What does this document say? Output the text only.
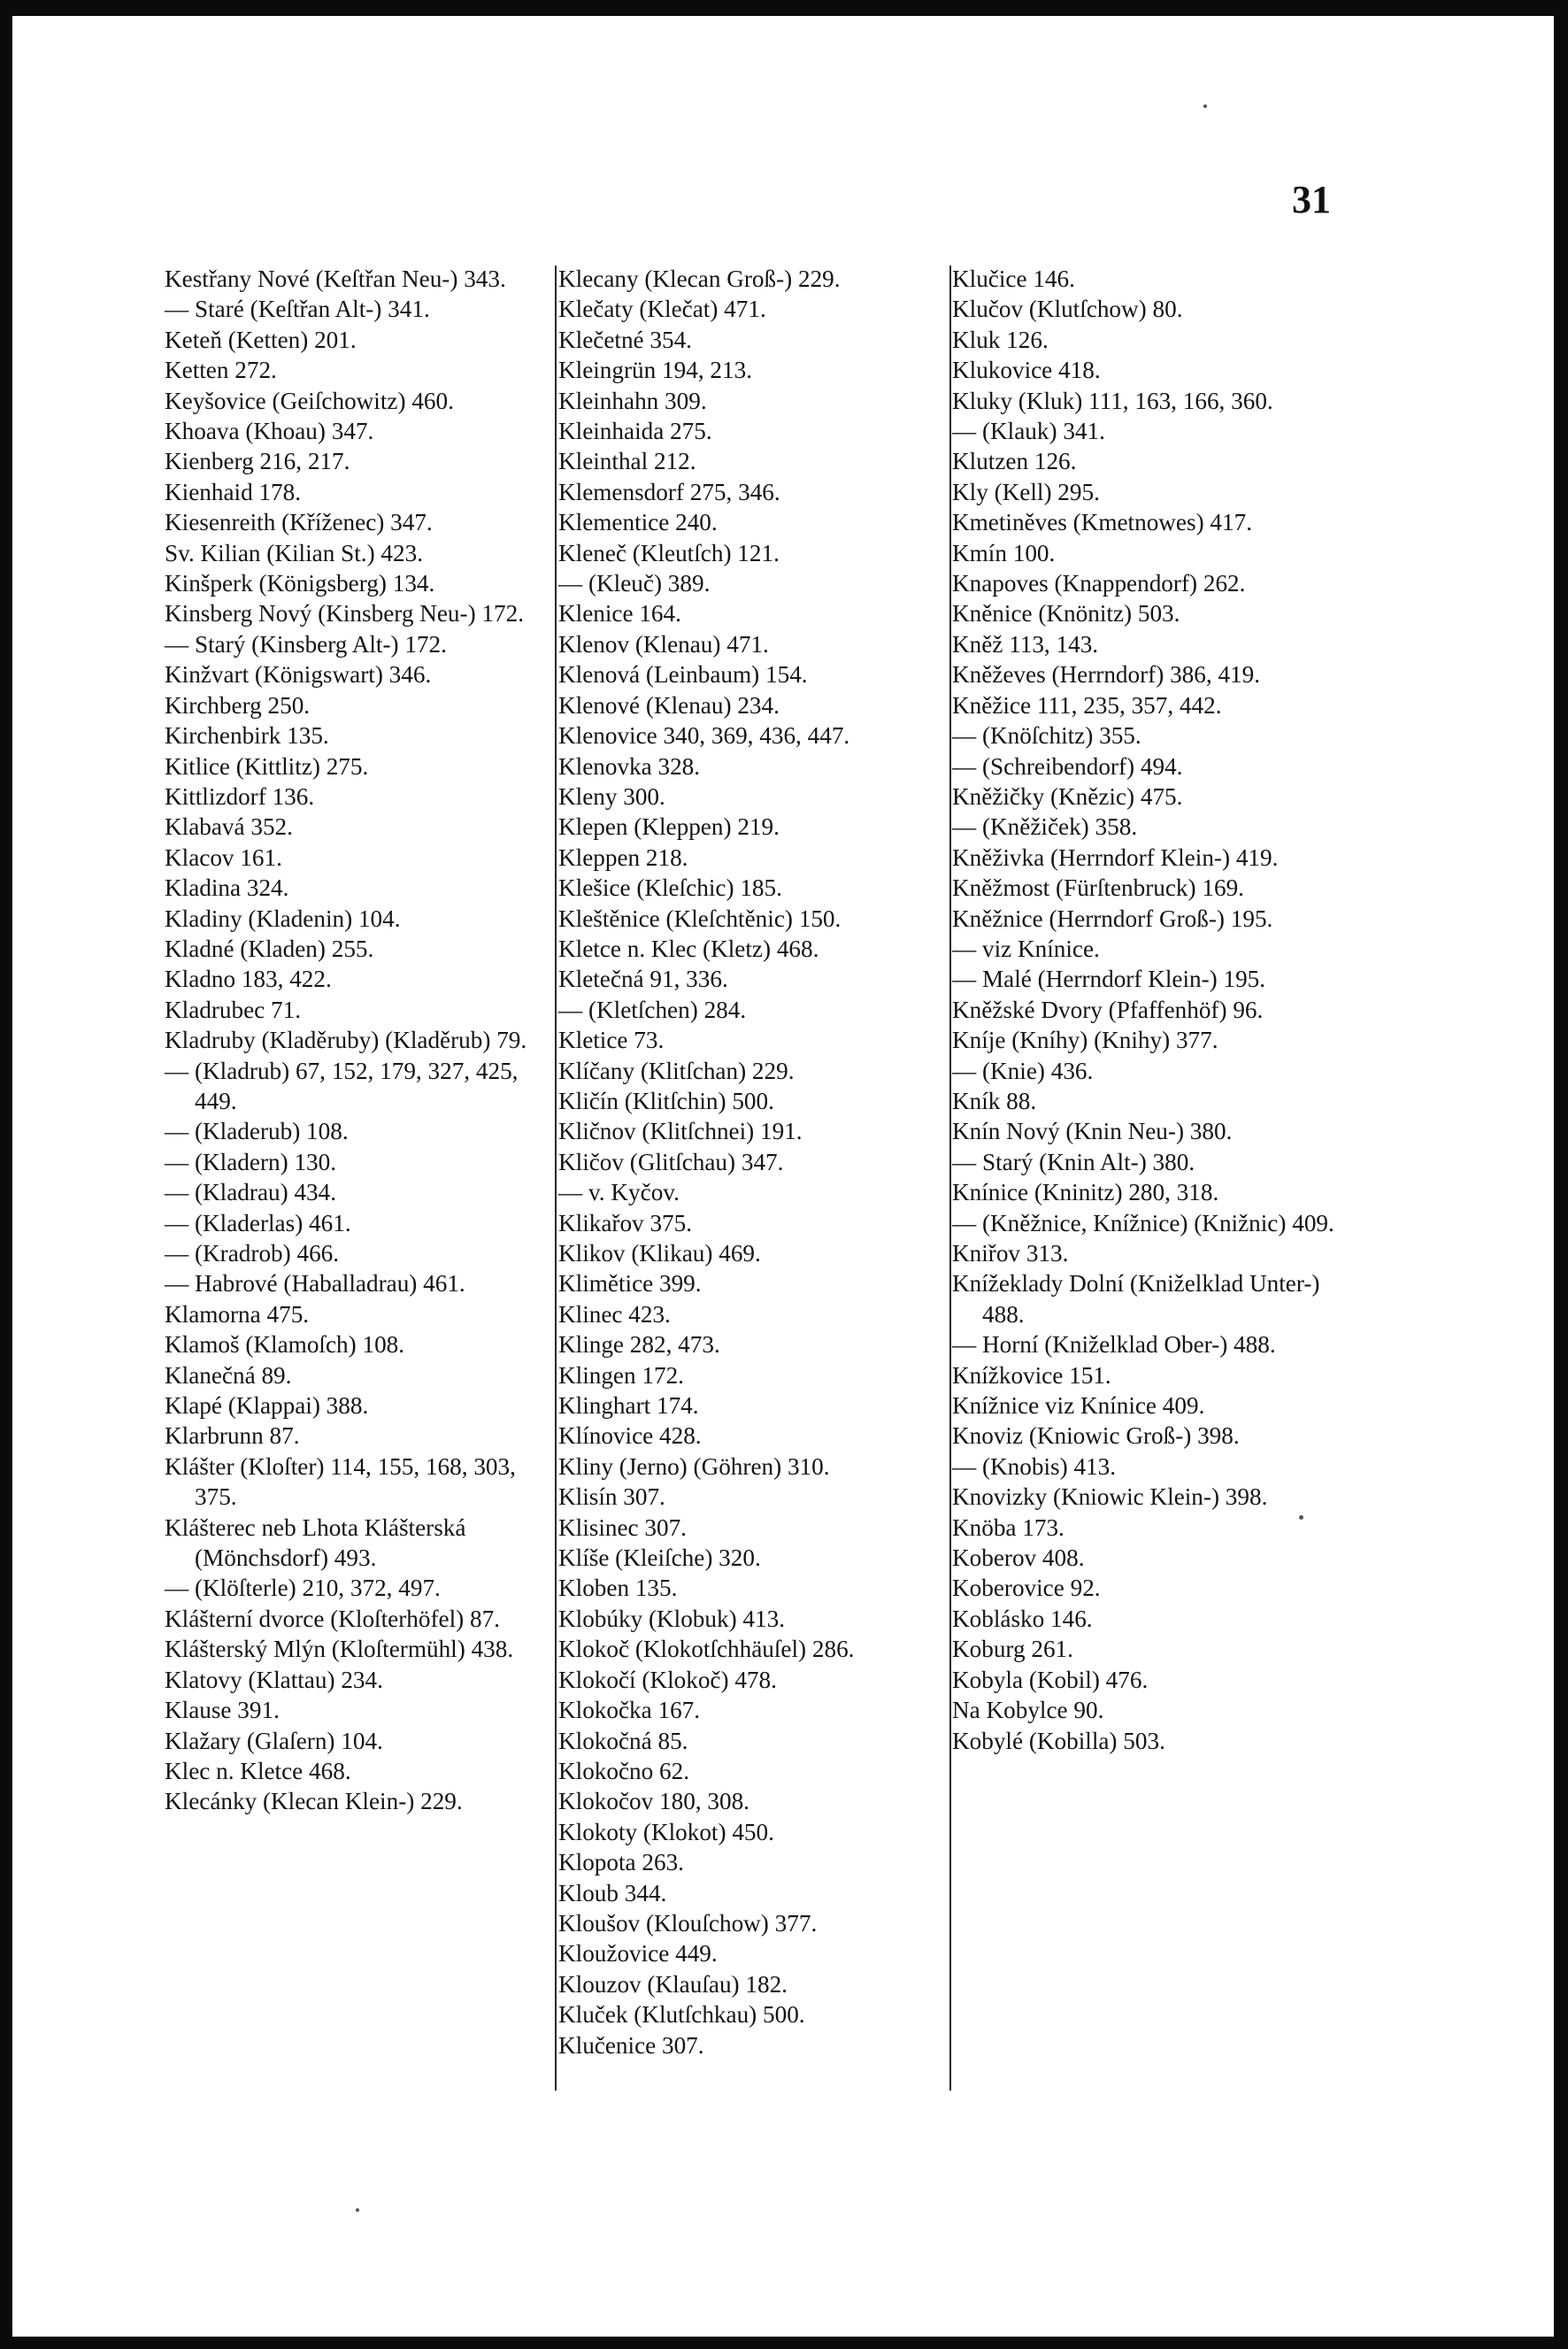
31

Kestřany Nové (Keſtřan Neu-) 343.

— Staré (Keſtřan Alt-) 341.

Keteň (Ketten) 201.

Ketten 272.

Keyšovice (Geiſchowitz) 460.

Khoava (Khoau) 347.

Kienberg 216, 217.

Kienhaid 178.

Kiesenreith (Kříženec) 347.

Sv. Kilian (Kilian St.) 423.

Kinšperk (Königsberg) 134.

Kinsberg Nový (Kinsberg Neu-) 172.

— Starý (Kinsberg Alt-) 172.

Kinžvart (Königswart) 346.

Kirchberg 250.

Kirchenbirk 135.

Kitlice (Kittlitz) 275.

Kittlizdorf 136.

Klabavá 352.

Klacov 161.

Kladina 324.

Kladiny (Kladenin) 104.

Kladné (Kladen) 255.

Kladno 183, 422.

Kladrubec 71.

Kladruby (Kladěruby) (Kladěrub) 79.

— (Kladrub) 67, 152, 179, 327, 425, 449.

— (Kladerub) 108.

— (Kladern) 130.

— (Kladrau) 434.

— (Kladerlas) 461.

— (Kradrob) 466.

— Habrové (Haballadrau) 461.

Klamorna 475.

Klamoš (Klamoſch) 108.

Klanečná 89.

Klapé (Klappai) 388.

Klarbrunn 87.

Klášter (Kloſter) 114, 155, 168, 303, 375.

Klášterec neb Lhota Klášterská (Mönchsdorf) 493.

— (Klöſterle) 210, 372, 497.

Klášterní dvorce (Kloſterhöfel) 87.

Klášterský Mlýn (Kloſtermühl) 438.

Klatovy (Klattau) 234.

Klause 391.

Klažary (Glaſern) 104.

Klec n. Kletce 468.

Klecánky (Klecan Klein-) 229.

Klecany (Klecan Groß-) 229.

Klečaty (Klečat) 471.

Klečetné 354.

Kleingrün 194, 213.

Kleinhahn 309.

Kleinhaida 275.

Kleinthal 212.

Klemensdorf 275, 346.

Klementice 240.

Kleneč (Kleutſch) 121.

— (Kleuč) 389.

Klenice 164.

Klenov (Klenau) 471.

Klenová (Leinbaum) 154.

Klenové (Klenau) 234.

Klenovice 340, 369, 436, 447.

Klenovka 328.

Kleny 300.

Klepen (Kleppen) 219.

Kleppen 218.

Klešice (Kleſchic) 185.

Kleštěnice (Kleſchtěnic) 150.

Kletce n. Klec (Kletz) 468.

Kletečná 91, 336.

— (Kletſchen) 284.

Kletice 73.

Klíčany (Klitſchan) 229.

Kličín (Klitſchin) 500.

Kličnov (Klitſchnei) 191.

Kličov (Glitſchau) 347.

— v. Kyčov.

Klikařov 375.

Klikov (Klikau) 469.

Klimětice 399.

Klinec 423.

Klinge 282, 473.

Klingen 172.

Klinghart 174.

Klínovice 428.

Kliny (Jerno) (Göhren) 310.

Klisín 307.

Klisinec 307.

Klíše (Kleiſche) 320.

Kloben 135.

Klobúky (Klobuk) 413.

Klokoč (Klokotſchhäuſel) 286.

Klokočí (Klokoč) 478.

Klokočka 167.

Klokočná 85.

Klokočno 62.

Klokočov 180, 308.

Klokoty (Klokot) 450.

Klopota 263.

Kloub 344.

Kloušov (Klouſchow) 377.

Kloužovice 449.

Klouzov (Klauſau) 182.

Kluček (Klutſchkau) 500.

Klučenice 307.

Klučice 146.

Klučov (Klutſchow) 80.

Kluk 126.

Klukovice 418.

Kluky (Kluk) 111, 163, 166, 360.

— (Klauk) 341.

Klutzen 126.

Kly (Kell) 295.

Kmetiněves (Kmetnowes) 417.

Kmín 100.

Knapoves (Knappendorf) 262.

Kněnice (Knönitz) 503.

Kněž 113, 143.

Kněževes (Herrndorf) 386, 419.

Kněžice 111, 235, 357, 442.

— (Knöſchitz) 355.

— (Schreibendorf) 494.

Kněžičky (Knězic) 475.

— (Kněžiček) 358.

Kněživka (Herrndorf Klein-) 419.

Kněžmost (Fürſtenbruck) 169.

Kněžnice (Herrndorf Groß-) 195.

— viz Knínice.

— Malé (Herrndorf Klein-) 195.

Kněžské Dvory (Pfaffenhöf) 96.

Kníje (Kníhy) (Knihy) 377.

— (Knie) 436.

Kník 88.

Knín Nový (Knin Neu-) 380.

— Starý (Knin Alt-) 380.

Knínice (Kninitz) 280, 318.

— (Kněžnice, Knížnice) (Knižnic) 409.

Kniřov 313.

Knížeklady Dolní (Kniželklad Unter-) 488.

— Horní (Kniželklad Ober-) 488.

Knížkovice 151.

Knížnice viz Knínice 409.

Knoviz (Kniowic Groß-) 398.

— (Knobis) 413.

Knovizky (Kniowic Klein-) 398.

Knöba 173.

Koberov 408.

Koberovice 92.

Koblásko 146.

Koburg 261.

Kobyla (Kobil) 476.

Na Kobylce 90.

Kobylé (Kobilla) 503.
